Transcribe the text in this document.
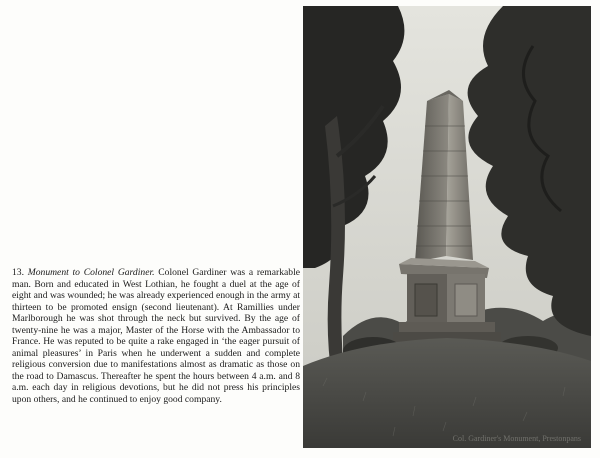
13. Monument to Colonel Gardiner. Colonel Gardiner was a remarkable man. Born and educated in West Lothian, he fought a duel at the age of eight and was wounded; he was already experienced enough in the army at thirteen to be promoted ensign (second lieutenant). At Ramillies under Marlborough he was shot through the neck but survived. By the age of twenty-nine he was a major, Master of the Horse with the Ambassador to France. He was reputed to be quite a rake engaged in ‘the eager pursuit of animal pleasures’ in Paris when he underwent a sudden and complete religious conversion due to manifestations almost as dramatic as those on the road to Damascus. Thereafter he spent the hours between 4 a.m. and 8 a.m. each day in religious devotions, but he did not press his principles upon others, and he continued to enjoy good company.
Col. Gardiner's Monument, Prestonpans
